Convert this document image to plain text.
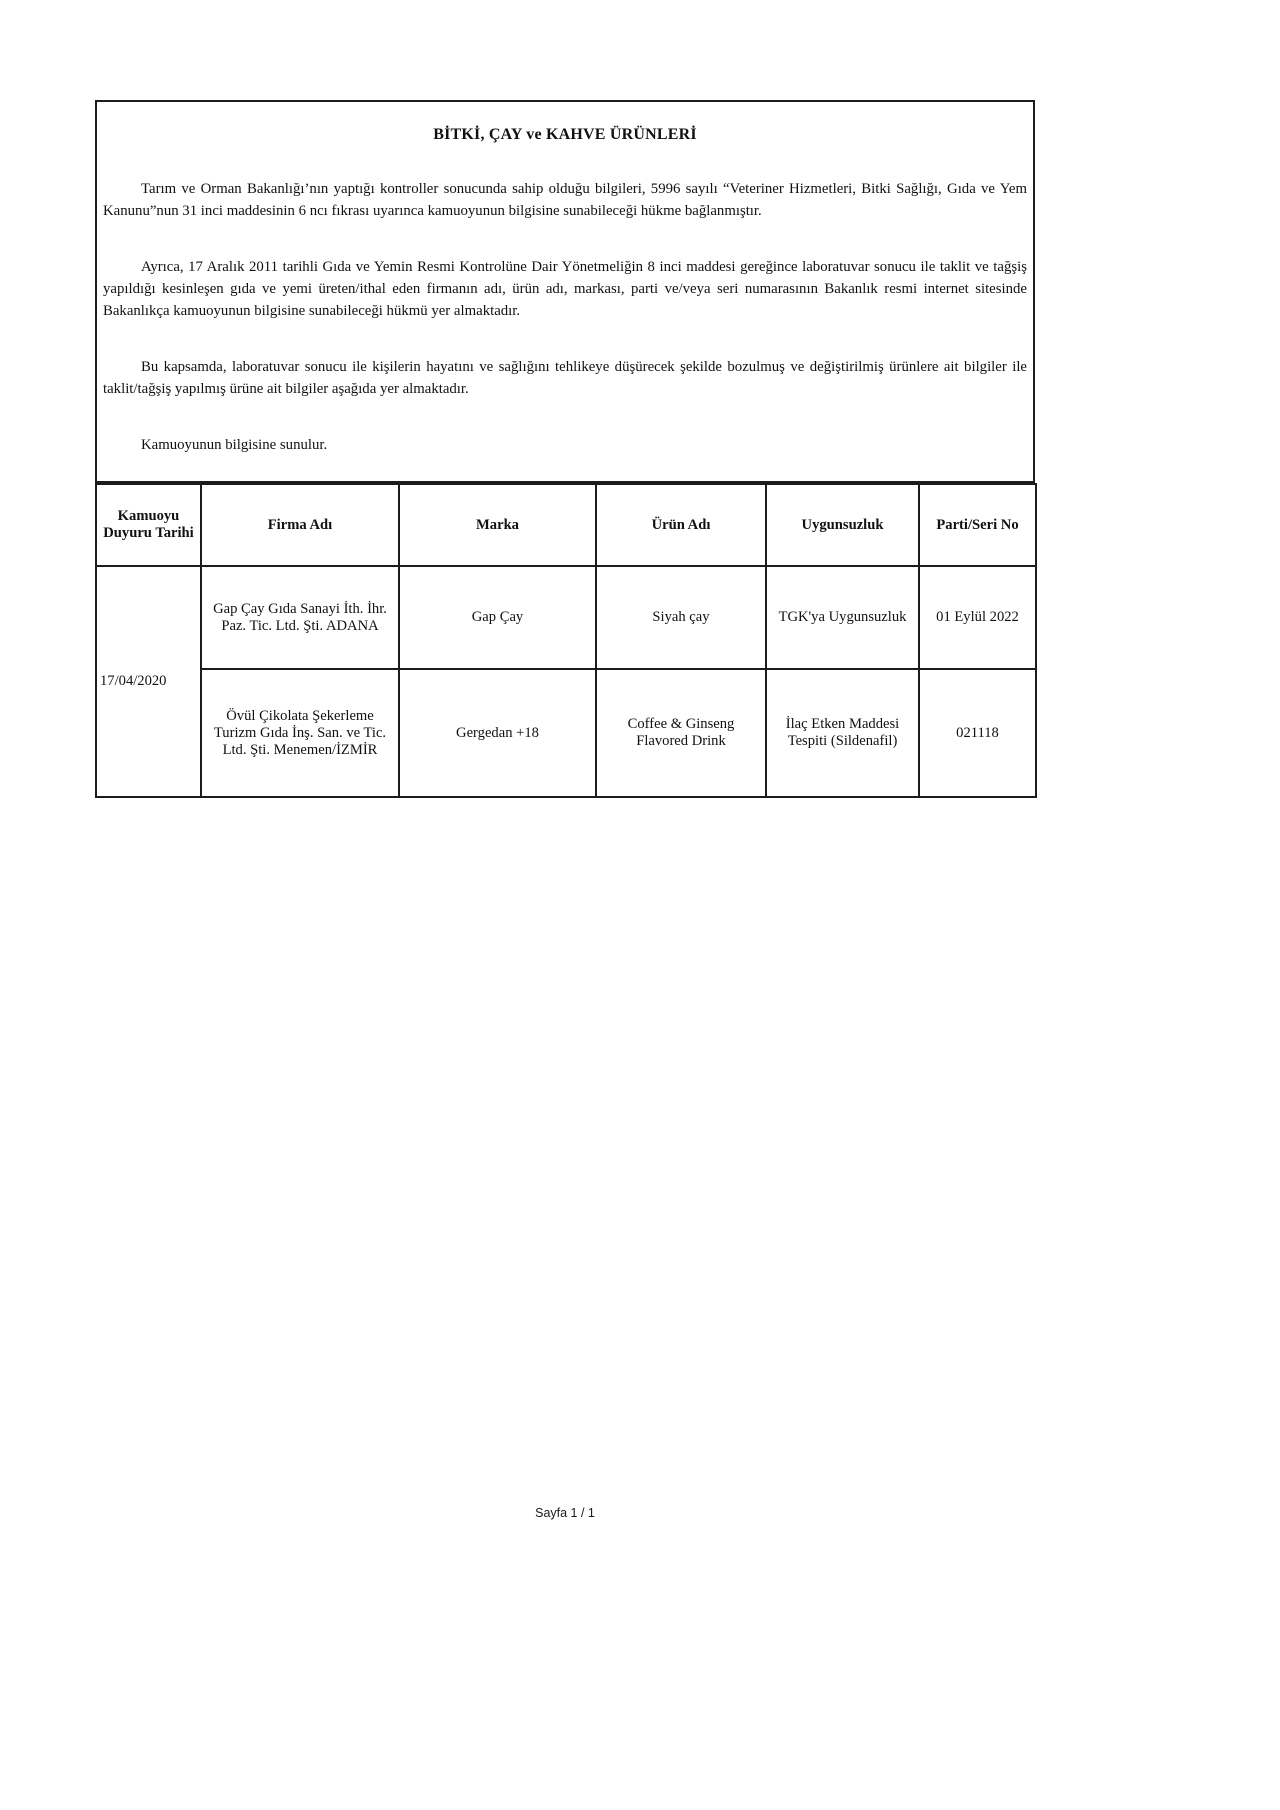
BİTKİ, ÇAY ve KAHVE ÜRÜNLERİ

Tarım ve Orman Bakanlığı’nın yaptığı kontroller sonucunda sahip olduğu bilgileri, 5996 sayılı “Veteriner Hizmetleri, Bitki Sağlığı, Gıda ve Yem Kanunu”nun 31 inci maddesinin 6 ncı fıkrası uyarınca kamuoyunun bilgisine sunabileceği hükme bağlanmıştır.

Ayrıca, 17 Aralık 2011 tarihli Gıda ve Yemin Resmi Kontrolüne Dair Yönetmeliğin 8 inci maddesi gereğince laboratuvar sonucu ile taklit ve tağşiş yapıldığı kesinleşen gıda ve yemi üreten/ithal eden firmanın adı, ürün adı, markası, parti ve/veya seri numarasının Bakanlık resmi internet sitesinde Bakanlıkça kamuoyunun bilgisine sunabileceği hükmü yer almaktadır.

Bu kapsamda, laboratuvar sonucu ile kişilerin hayatını ve sağlığını tehlikeye düşürecek şekilde bozulmuş ve değiştirilmiş ürünlere ait bilgiler ile taklit/tağşiş yapılmış ürüne ait bilgiler aşağıda yer almaktadır.

Kamuoyunun bilgisine sunulur.

Kamuoyu Duyuru Tarihi	Firma Adı	Marka	Ürün Adı	Uygunsuzluk	Parti/Seri No
17/04/2020	Gap Çay Gıda Sanayi İth. İhr. Paz. Tic. Ltd. Şti. ADANA	Gap Çay	Siyah çay	TGK'ya Uygunsuzluk	01 Eylül 2022
	Övül Çikolata Şekerleme Turizm Gıda İnş. San. ve Tic. Ltd. Şti. Menemen/İZMİR	Gergedan +18	Coffee & Ginseng Flavored Drink	İlaç Etken Maddesi Tespiti (Sildenafil)	021118
Sayfa 1 / 1
